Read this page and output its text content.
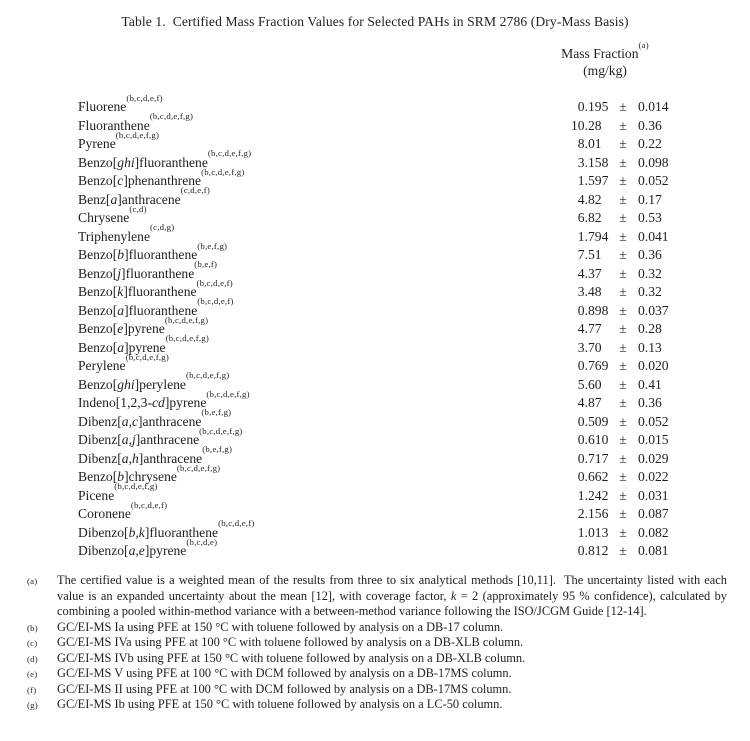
Table 1.  Certified Mass Fraction Values for Selected PAHs in SRM 2786 (Dry-Mass Basis)
Mass Fraction$^{(a)}$
(mg/kg)
Fluorene$^{(b,c,d,e,f)}$	0.195	±	0.014
Fluoranthene$^{(b,c,d,e,f,g)}$	10.28	±	0.36
Pyrene$^{(b,c,d,e,f,g)}$	8.01	±	0.22
Benzo[ghi]fluoranthene$^{(b,c,d,e,f,g)}$	3.158	±	0.098
Benzo[c]phenanthrene$^{(b,c,d,e,f,g)}$	1.597	±	0.052
Benz[a]anthracene$^{(c,d,e,f)}$	4.82	±	0.17
Chrysene$^{(c,d)}$	6.82	±	0.53
Triphenylene$^{(c,d,g)}$	1.794	±	0.041
Benzo[b]fluoranthene$^{(b,e,f,g)}$	7.51	±	0.36
Benzo[j]fluoranthene$^{(b,e,f)}$	4.37	±	0.32
Benzo[k]fluoranthene$^{(b,c,d,e,f)}$	3.48	±	0.32
Benzo[a]fluoranthene$^{(b,c,d,e,f)}$	0.898	±	0.037
Benzo[e]pyrene$^{(b,c,d,e,f,g)}$	4.77	±	0.28
Benzo[a]pyrene$^{(b,c,d,e,f,g)}$	3.70	±	0.13
Perylene$^{(b,c,d,e,f,g)}$	0.769	±	0.020
Benzo[ghi]perylene$^{(b,c,d,e,f,g)}$	5.60	±	0.41
Indeno[1,2,3-cd]pyrene$^{(b,c,d,e,f,g)}$	4.87	±	0.36
Dibenz[a,c]anthracene$^{(b,e,f,g)}$	0.509	±	0.052
Dibenz[a,j]anthracene$^{(b,c,d,e,f,g)}$	0.610	±	0.015
Dibenz[a,h]anthracene$^{(b,e,f,g)}$	0.717	±	0.029
Benzo[b]chrysene$^{(b,c,d,e,f,g)}$	0.662	±	0.022
Picene$^{(b,c,d,e,f,g)}$	1.242	±	0.031
Coronene$^{(b,c,d,e,f)}$	2.156	±	0.087
Dibenzo[b,k]fluoranthene$^{(b,c,d,e,f)}$	1.013	±	0.082
Dibenzo[a,e]pyrene$^{(b,c,d,e)}$	0.812	±	0.081
(a) The certified value is a weighted mean of the results from three to six analytical methods [10,11].  The uncertainty listed with each value is an expanded uncertainty about the mean [12], with coverage factor, k = 2 (approximately 95 % confidence), calculated by combining a pooled within-method variance with a between-method variance following the ISO/JCGM Guide [12-14].
(b) GC/EI-MS Ia using PFE at 150 °C with toluene followed by analysis on a DB-17 column.
(c) GC/EI-MS IVa using PFE at 100 °C with toluene followed by analysis on a DB-XLB column.
(d) GC/EI-MS IVb using PFE at 150 °C with toluene followed by analysis on a DB-XLB column.
(e) GC/EI-MS V using PFE at 100 °C with DCM followed by analysis on a DB-17MS column.
(f) GC/EI-MS II using PFE at 100 °C with DCM followed by analysis on a DB-17MS column.
(g) GC/EI-MS Ib using PFE at 150 °C with toluene followed by analysis on a LC-50 column.
